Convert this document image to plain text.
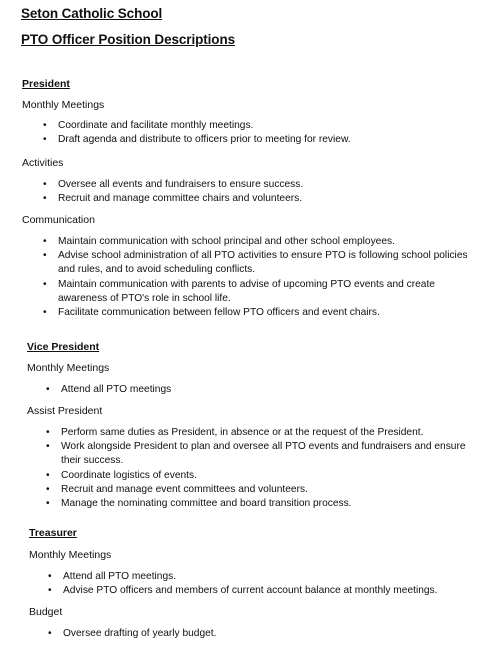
Seton Catholic School
PTO Officer Position Descriptions
President
Monthly Meetings
• Coordinate and facilitate monthly meetings.
• Draft agenda and distribute to officers prior to meeting for review.
Activities
• Oversee all events and fundraisers to ensure success.
• Recruit and manage committee chairs and volunteers.
Communication
• Maintain communication with school principal and other school employees.
• Advise school administration of all PTO activities to ensure PTO is following school policies and rules, and to avoid scheduling conflicts.
• Maintain communication with parents to advise of upcoming PTO events and create awareness of PTO's role in school life.
• Facilitate communication between fellow PTO officers and event chairs.
Vice President
Monthly Meetings
• Attend all PTO meetings
Assist President
• Perform same duties as President, in absence or at the request of the President.
• Work alongside President to plan and oversee all PTO events and fundraisers and ensure their success.
• Coordinate logistics of events.
• Recruit and manage event committees and volunteers.
• Manage the nominating committee and board transition process.
Treasurer
Monthly Meetings
• Attend all PTO meetings.
• Advise PTO officers and members of current account balance at monthly meetings.
Budget
• Oversee drafting of yearly budget.
